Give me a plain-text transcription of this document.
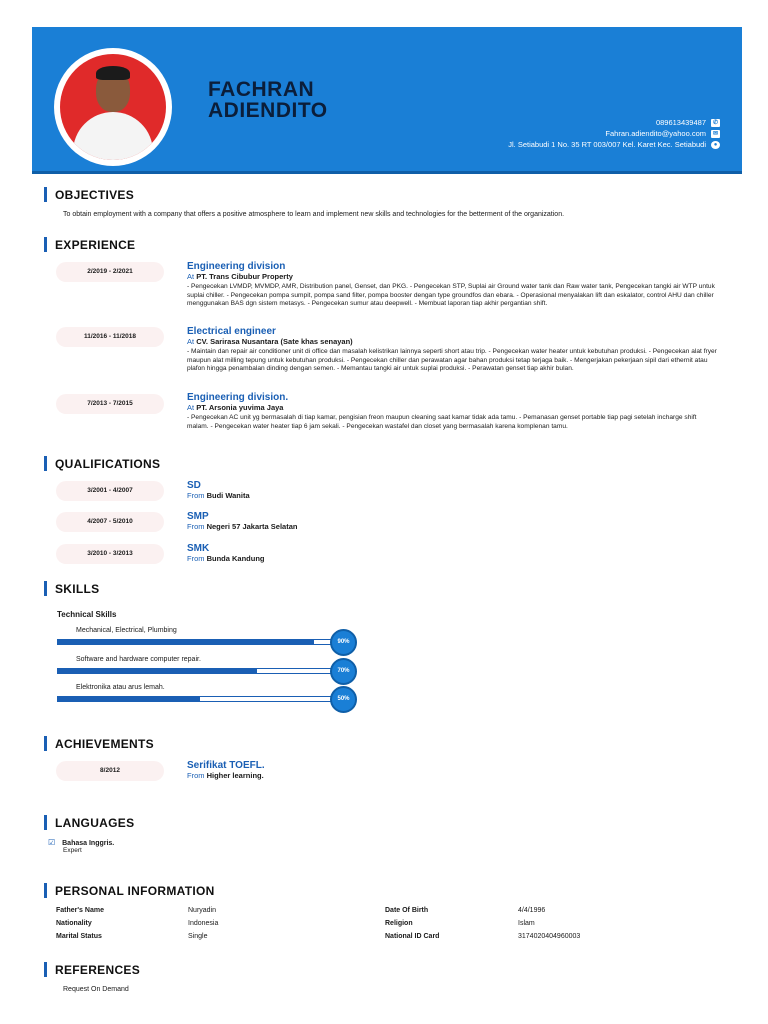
FACHRAN
ADIENDITO
089613439487	✆
Fahran.adiendito@yahoo.com	✉
Jl. Setiabudi 1 No. 35 RT 003/007 Kel. Karet Kec. Setiabudi	●
OBJECTIVES
To obtain employment with a company that offers a positive atmosphere to learn and implement new skills and technologies for the betterment of the organization.
EXPERIENCE
2/2019 - 2/2021	Engineering division
At PT. Trans Cibubur Property
- Pengecekan LVMDP, MVMDP, AMR, Distribution panel, Genset, dan PKG. - Pengecekan STP, Suplai air Ground water tank dan Raw water tank, Pengecekan tangki air WTP untuk suplai chiller. - Pengecekan pompa sumpit, pompa sand filter, pompa booster dengan type groundfos dan ebara. - Operasional menyalakan lift dan eskalator, control AHU dan chiller menggunakan BAS dgn sistem metasys. - Pengecekan sumur atau deepwell. - Membuat laporan tiap akhir pergantian shift.
11/2016 - 11/2018	Electrical engineer
At CV. Sarirasa Nusantara (Sate khas senayan)
- Maintain dan repair air conditioner unit di office dan masalah kelistrikan lainnya seperti short atau trip. - Pengecekan water heater untuk kebutuhan produksi. - Pengecekan alat fryer maupun alat milling tepung untuk kebutuhan produksi. - Pengecekan chiller dan perawatan agar bahan produksi tetap terjaga baik. - Mengerjakan pekerjaan sipil dari ethernit atau plafon hingga penambalan dinding dengan semen. - Memantau tangki air untuk suplai produksi. - Perawatan genset tiap akhir bulan.
7/2013 - 7/2015
Engineering division.
At PT. Arsonia yuvima Jaya
- Pengecekan AC unit yg bermasalah di tiap kamar, pengisian freon maupun cleaning saat kamar tidak ada tamu. - Pemanasan genset portable tiap pagi setelah incharge shift malam. - Pengecekan water heater tiap 6 jam sekali. - Pengecekan wastafel dan closet yang bermasalah karena komplenan tamu.
QUALIFICATIONS
3/2001 - 4/2007	SD
From Budi Wanita
4/2007 - 5/2010	SMP
From Negeri 57 Jakarta Selatan
3/2010 - 3/2013	SMK
From Bunda Kandung
SKILLS
Technical Skills
Mechanical, Electrical, Plumbing
90%
Software and hardware computer repair.
70%
Elektronika atau arus lemah.
50%
ACHIEVEMENTS
8/2012	Serifikat TOEFL.
From Higher learning.
LANGUAGES
☑ Bahasa Inggris.
Expert
PERSONAL INFORMATION
Father's Name	Nuryadin
Nationality	Indonesia
Marital Status	Single
Date Of Birth	4/4/1996
Religion	Islam
National ID Card	3174020404960003
REFERENCES
Request On Demand
